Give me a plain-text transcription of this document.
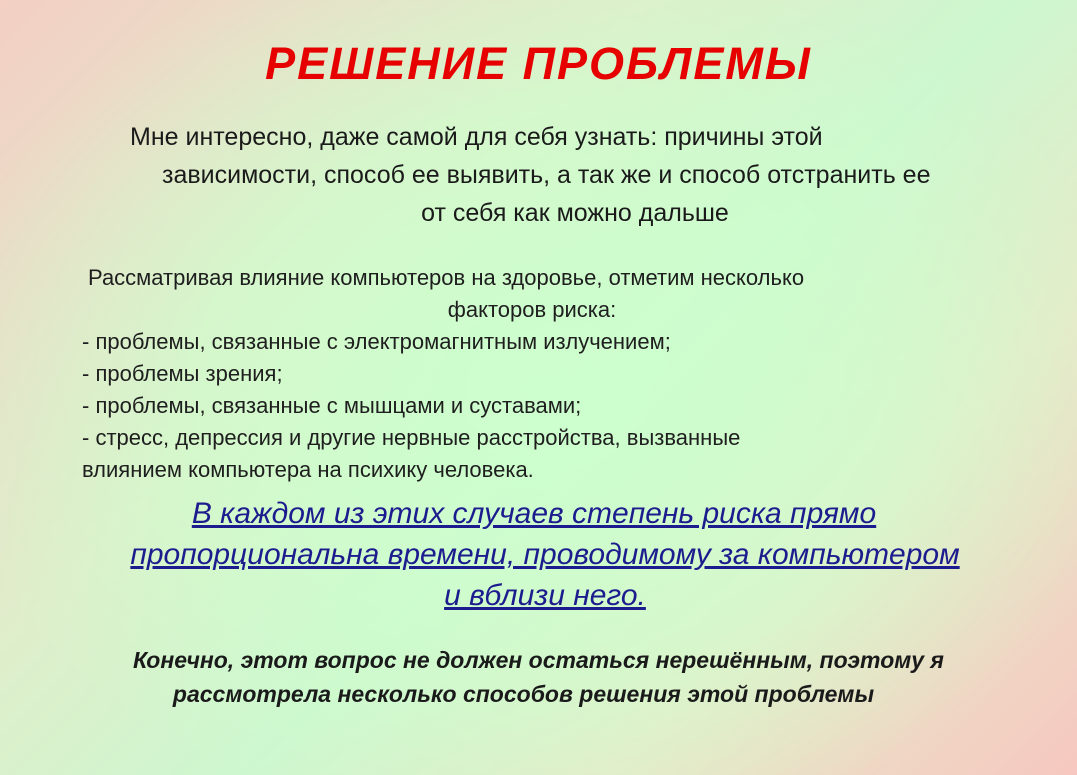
РЕШЕНИЕ ПРОБЛЕМЫ

Мне интересно, даже самой для себя узнать: причины этой
зависимости, способ ее выявить, а так же и способ отстранить ее
от себя как можно дальше

Рассматривая влияние компьютеров на здоровье, отметим несколько
факторов риска:
- проблемы, связанные с электромагнитным излучением;
- проблемы зрения;
- проблемы, связанные с мышцами и суставами;
- стресс, депрессия и другие нервные расстройства, вызванные
влиянием компьютера на психику человека.

В каждом из этих случаев степень риска прямо
пропорциональна времени, проводимому за компьютером
и вблизи него.

Конечно, этот вопрос не должен остаться нерешённым, поэтому я
рассмотрела несколько способов решения этой проблемы
